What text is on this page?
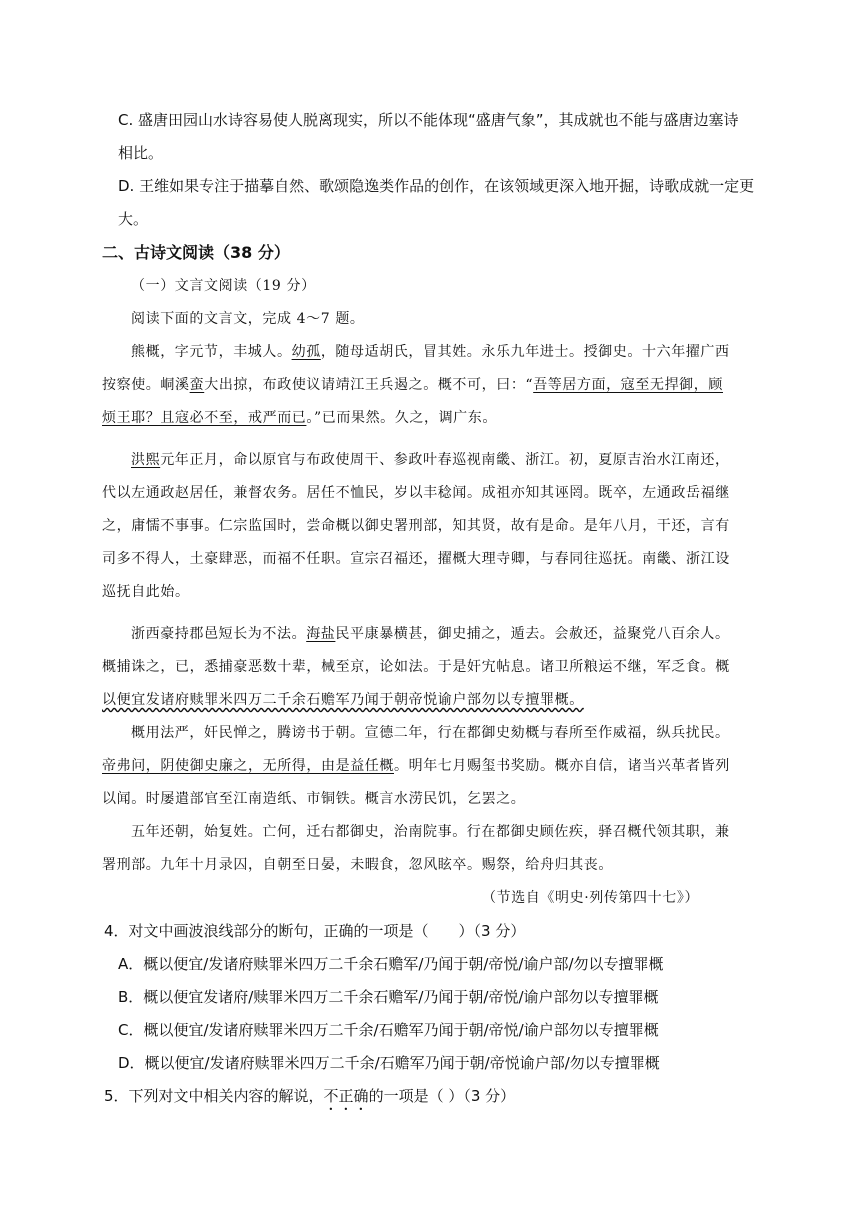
C. 盛唐田园山水诗容易使人脱离现实，所以不能体现“盛唐气象”，其成就也不能与盛唐边塞诗
相比。
D. 王维如果专注于描摹自然、歌颂隐逸类作品的创作，在该领域更深入地开掘，诗歌成就一定更
大。
二、古诗文阅读（38 分）
（一）文言文阅读（19 分）
阅读下面的文言文，完成 4～7 题。
熊概，字元节，丰城人。幼孤，随母适胡氏，冒其姓。永乐九年进士。授御史。十六年擢广西
按察使。峒溪蛮大出掠，布政使议请靖江王兵遏之。概不可，曰：“吾等居方面，寇至无捍御，顾
烦王耶？且寇必不至，戒严而已。”已而果然。久之，调广东。
洪熙元年正月，命以原官与布政使周干、参政叶春巡视南畿、浙江。初，夏原吉治水江南还，
代以左通政赵居任，兼督农务。居任不恤民，岁以丰稔闻。成祖亦知其诬罔。既卒，左通政岳福继
之，庸懦不事事。仁宗监国时，尝命概以御史署刑部，知其贤，故有是命。是年八月，干还，言有
司多不得人，土豪肆恶，而福不任职。宣宗召福还，擢概大理寺卿，与春同往巡抚。南畿、浙江设
巡抚自此始。
浙西豪持郡邑短长为不法。海盐民平康暴横甚，御史捕之，遁去。会赦还，益聚党八百余人。
概捕诛之，已，悉捕豪恶数十辈，械至京，论如法。于是奸宄帖息。诸卫所粮运不继，军乏食。概
以便宜发诸府赎罪米四万二千余石赡军乃闻于朝帝悦谕户部勿以专擅罪概。
概用法严，奸民惮之，腾谤书于朝。宣德二年，行在都御史劾概与春所至作威福，纵兵扰民。
帝弗问，阴使御史廉之，无所得，由是益任概。明年七月赐玺书奖励。概亦自信，诸当兴革者皆列
以闻。时屡遣部官至江南造纸、市铜铁。概言水涝民饥，乞罢之。
五年还朝，始复姓。亡何，迁右都御史，治南院事。行在都御史顾佐疾，驿召概代领其职，兼
署刑部。九年十月录囚，自朝至日晏，未暇食，忽风眩卒。赐祭，给舟归其丧。
（节选自《明史·列传第四十七》）
4．对文中画波浪线部分的断句，正确的一项是（　　）（3 分）
A．概以便宜/发诸府赎罪米四万二千余石赡军/乃闻于朝/帝悦/谕户部/勿以专擅罪概
B．概以便宜发诸府/赎罪米四万二千余石赡军/乃闻于朝/帝悦/谕户部勿以专擅罪概
C．概以便宜/发诸府赎罪米四万二千余/石赡军乃闻于朝/帝悦/谕户部勿以专擅罪概
D．概以便宜/发诸府赎罪米四万二千余/石赡军乃闻于朝/帝悦谕户部/勿以专擅罪概
5．下列对文中相关内容的解说，不正确的一项是（ ）（3 分）
